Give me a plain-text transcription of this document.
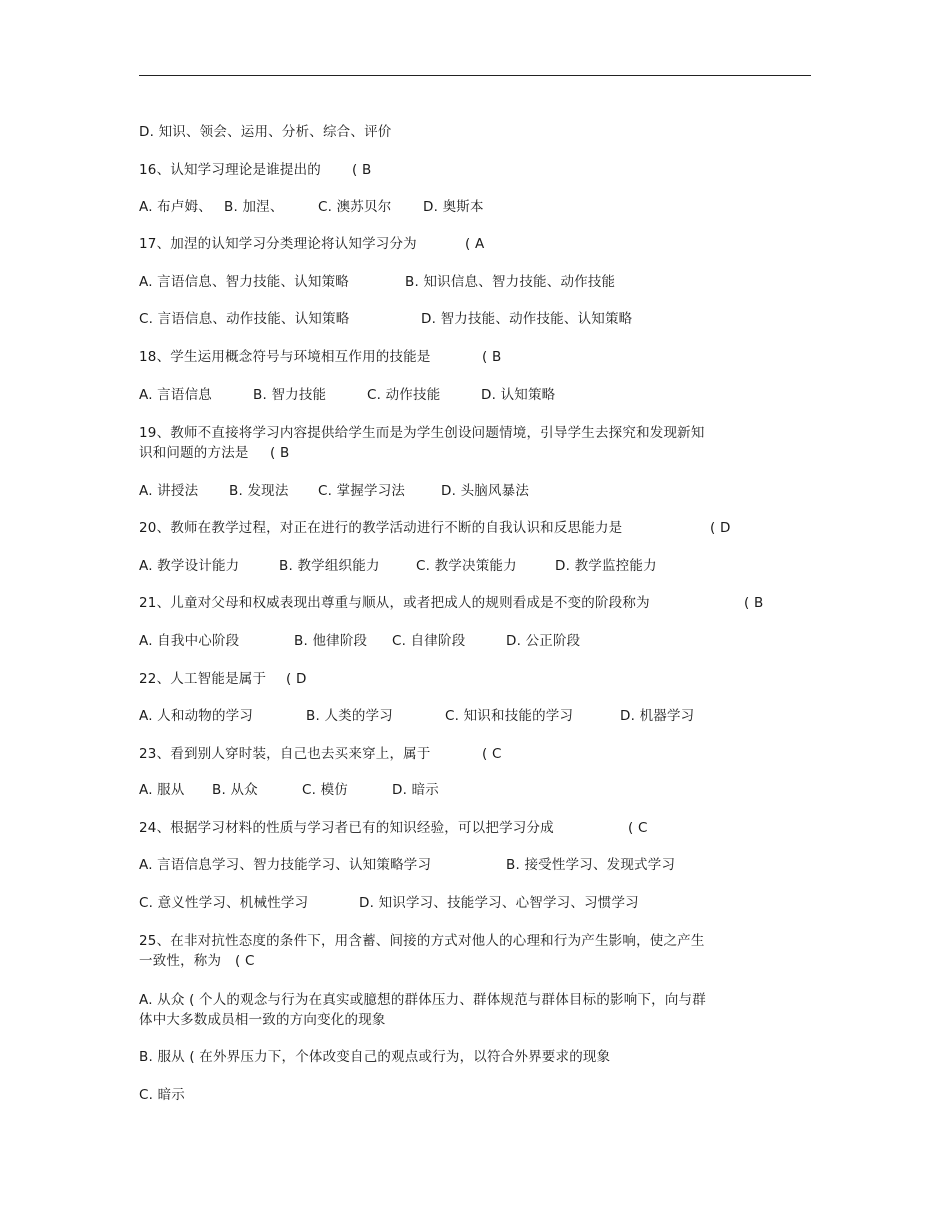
D. 知识、领会、运用、分析、综合、评价
16、认知学习理论是谁提出的 ( B
A. 布卢姆、 B. 加涅、	C. 澳苏贝尔 D. 奥斯本
17、加涅的认知学习分类理论将认知学习分为	( A
A. 言语信息、智力技能、认知策略	B. 知识信息、智力技能、动作技能
C. 言语信息、动作技能、认知策略	D. 智力技能、动作技能、认知策略
18、学生运用概念符号与环境相互作用的技能是	( B
A. 言语信息	B. 智力技能	C. 动作技能	D. 认知策略
19、教师不直接将学习内容提供给学生而是为学生创设问题情境，引导学生去探究和发现新知
识和问题的方法是 ( B
A. 讲授法 B. 发现法 C. 掌握学习法	D. 头脑风暴法
20、教师在教学过程，对正在进行的教学活动进行不断的自我认识和反思能力是	( D
A. 教学设计能力	B. 教学组织能力	C. 教学决策能力	D. 教学监控能力
21、儿童对父母和权威表现出尊重与顺从，或者把成人的规则看成是不变的阶段称为	( B
A. 自我中心阶段	B. 他律阶段 C. 自律阶段	D. 公正阶段
22、人工智能是属于 ( D
A. 人和动物的学习	B. 人类的学习	C. 知识和技能的学习	D. 机器学习
23、看到别人穿时装，自己也去买来穿上，属于	( C
A. 服从 B. 从众	C. 模仿	D. 暗示
24、根据学习材料的性质与学习者已有的知识经验，可以把学习分成	( C
A. 言语信息学习、智力技能学习、认知策略学习	B. 接受性学习、发现式学习
C. 意义性学习、机械性学习	D. 知识学习、技能学习、心智学习、习惯学习
25、在非对抗性态度的条件下，用含蓄、间接的方式对他人的心理和行为产生影响，使之产生
一致性，称为 ( C
A. 从众 ( 个人的观念与行为在真实或臆想的群体压力、群体规范与群体目标的影响下，向与群
体中大多数成员相一致的方向变化的现象
B. 服从 ( 在外界压力下，个体改变自己的观点或行为，以符合外界要求的现象
C. 暗示
